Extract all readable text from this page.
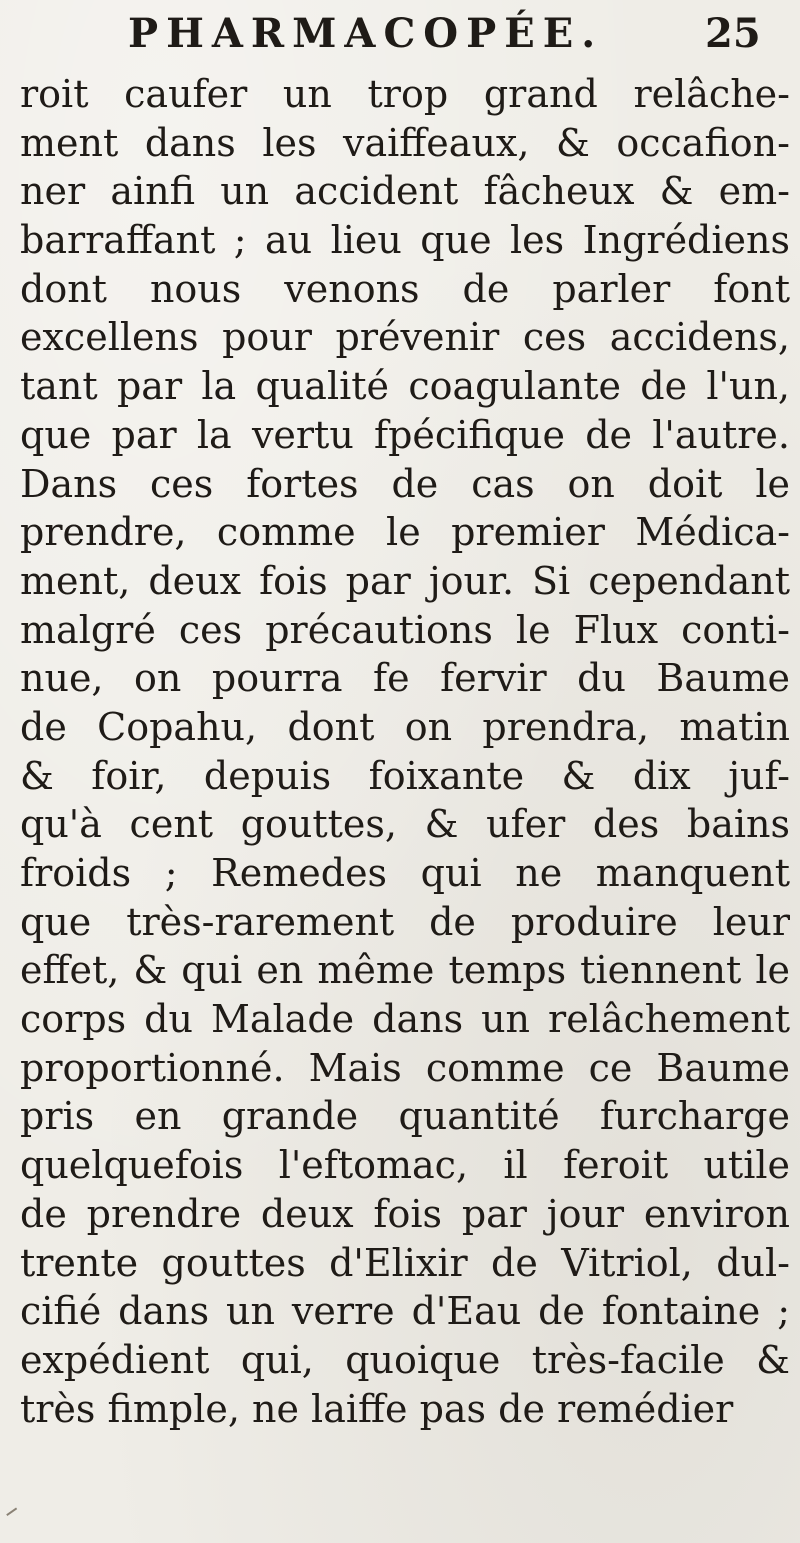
PHARMACOPÉE.	25
roit caufer un trop grand relâche-
ment dans les vaiffeaux, & occafion-
ner ainfi un accident fâcheux & em-
barraffant ; au lieu que les Ingrédiens
dont nous venons de parler font
excellens pour prévenir ces accidens,
tant par la qualité coagulante de l'un,
que par la vertu fpécifique de l'autre.
Dans ces fortes de cas on doit le
prendre, comme le premier Médica-
ment, deux fois par jour. Si cependant
malgré ces précautions le Flux conti-
nue, on pourra fe fervir du Baume
de Copahu, dont on prendra, matin
& foir, depuis foixante & dix juf-
qu'à cent gouttes, & ufer des bains
froids ; Remedes qui ne manquent
que très-rarement de produire leur
effet, & qui en même temps tiennent le
corps du Malade dans un relâchement
proportionné. Mais comme ce Baume
pris en grande quantité furcharge
quelquefois l'eftomac, il feroit utile
de prendre deux fois par jour environ
trente gouttes d'Elixir de Vitriol, dul-
cifié dans un verre d'Eau de fontaine ;
expédient qui, quoique très-facile &
très fimple, ne laiffe pas de remédier
